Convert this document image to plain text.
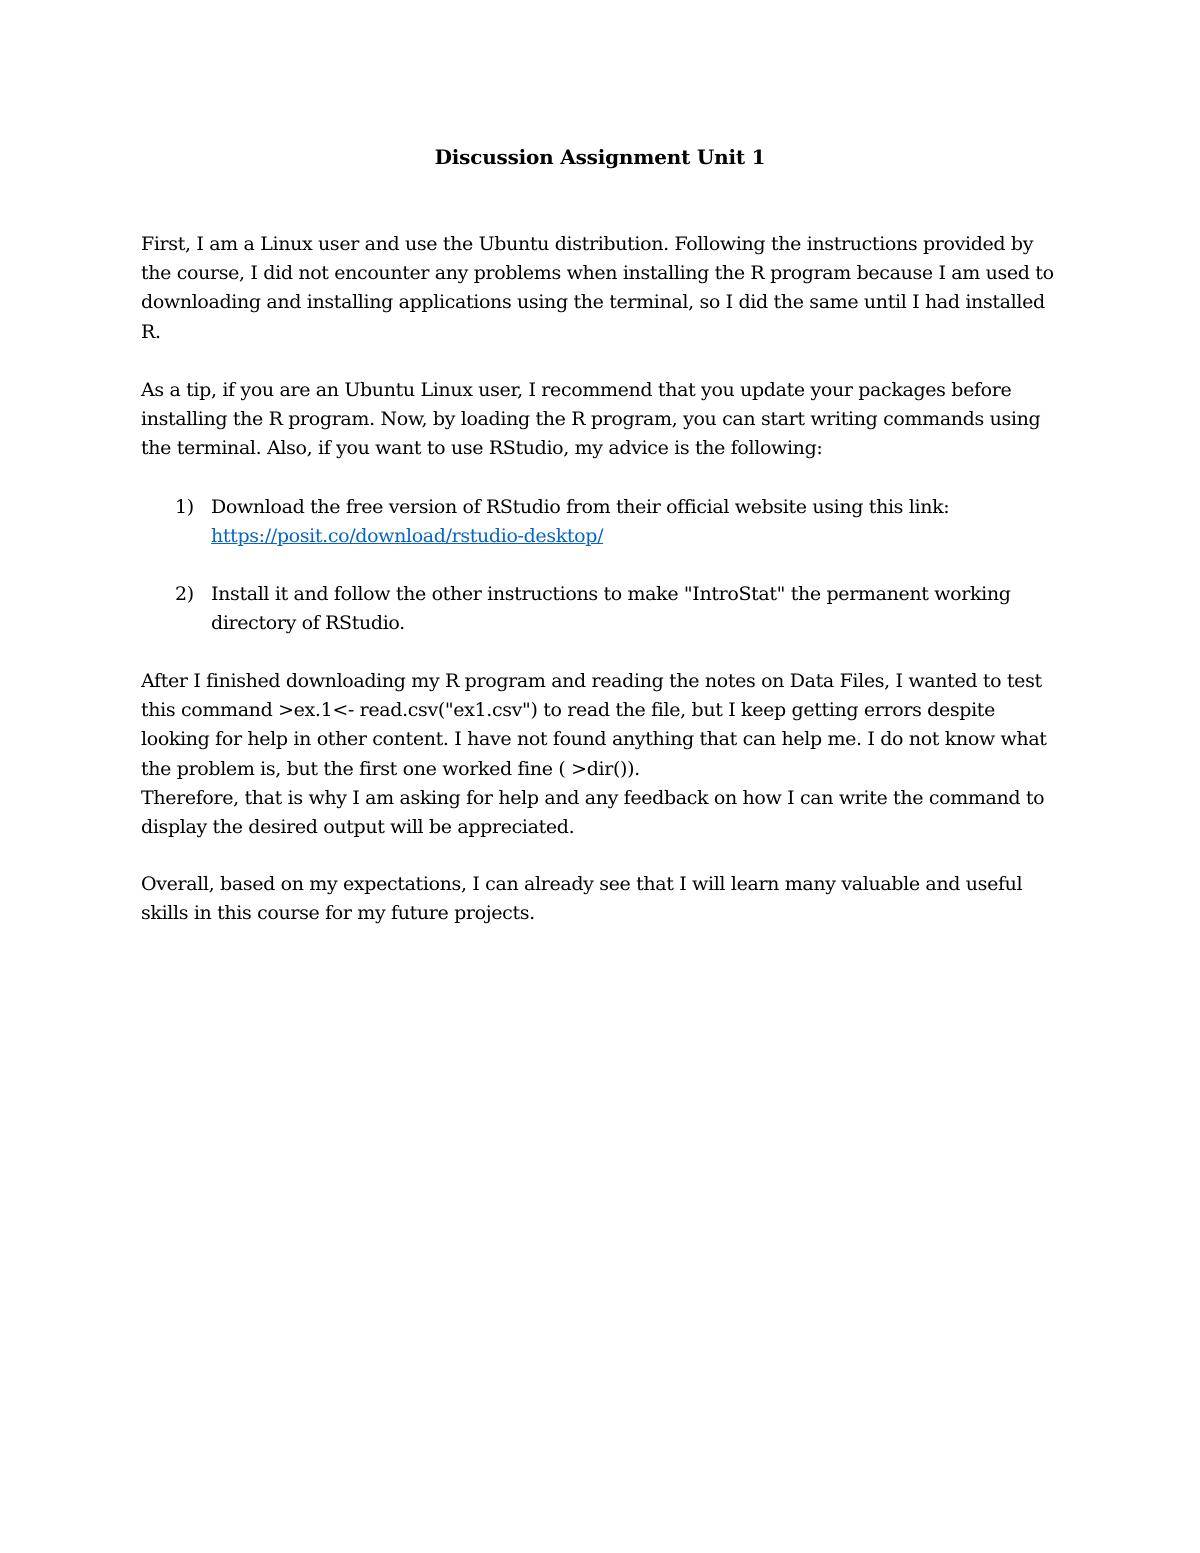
Discussion Assignment Unit 1

First, I am a Linux user and use the Ubuntu distribution. Following the instructions provided by
the course, I did not encounter any problems when installing the R program because I am used to
downloading and installing applications using the terminal, so I did the same until I had installed
R.

As a tip, if you are an Ubuntu Linux user, I recommend that you update your packages before
installing the R program. Now, by loading the R program, you can start writing commands using
the terminal. Also, if you want to use RStudio, my advice is the following:

1) Download the free version of RStudio from their official website using this link:
https://posit.co/download/rstudio-desktop/
2) Install it and follow the other instructions to make "IntroStat" the permanent working
directory of RStudio.

After I finished downloading my R program and reading the notes on Data Files, I wanted to test
this command >ex.1<- read.csv("ex1.csv") to read the file, but I keep getting errors despite
looking for help in other content. I have not found anything that can help me. I do not know what
the problem is, but the first one worked fine ( >dir()).
Therefore, that is why I am asking for help and any feedback on how I can write the command to
display the desired output will be appreciated.

Overall, based on my expectations, I can already see that I will learn many valuable and useful
skills in this course for my future projects.
